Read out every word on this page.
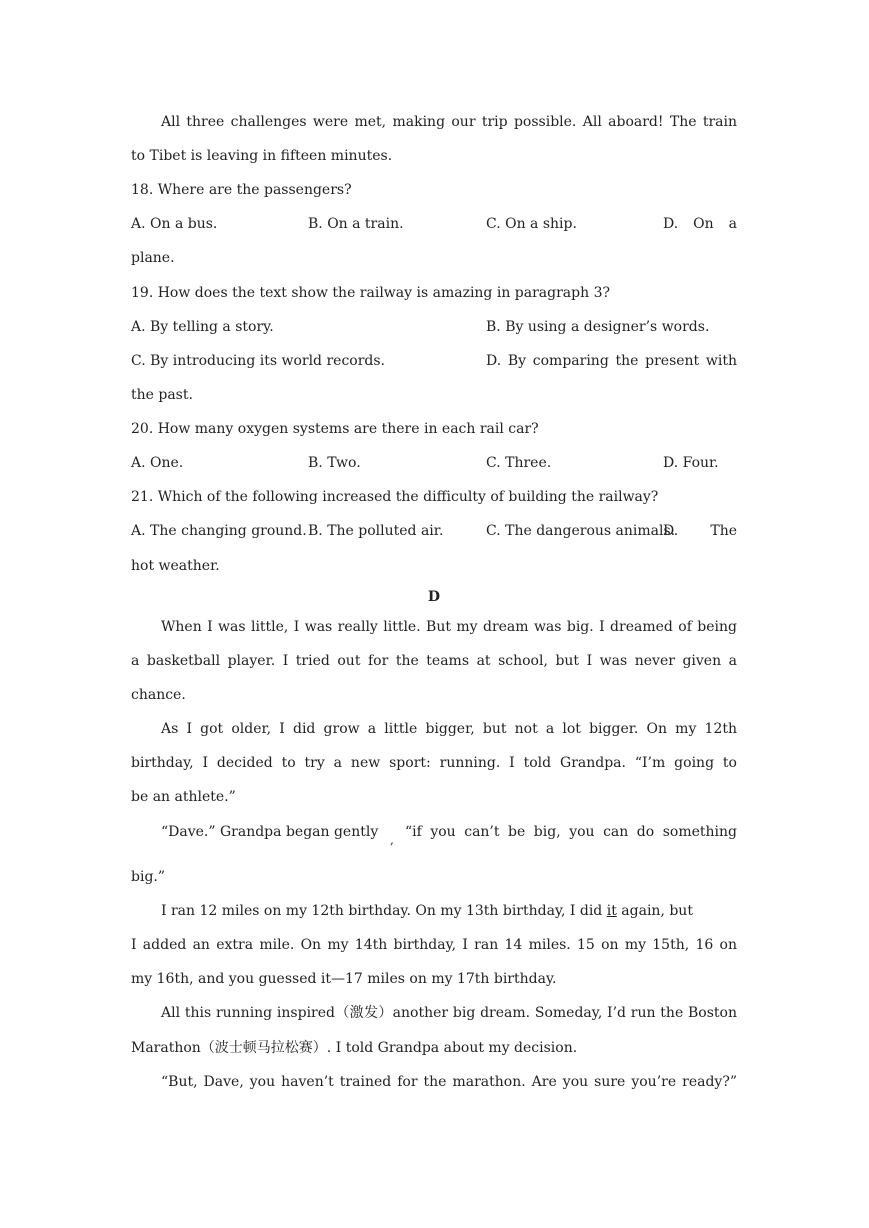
All three challenges were met, making our trip possible. All aboard! The train
to Tibet is leaving in fifteen minutes.
18. Where are the passengers?
A. On a bus.	B. On a train.	C. On a ship.	D. On a
plane.
19. How does the text show the railway is amazing in paragraph 3?
A. By telling a story.	B. By using a designer’s words.
C. By introducing its world records.	D. By comparing the present with
the past.
20. How many oxygen systems are there in each rail car?
A. One.	B. Two.	C. Three.	D. Four.
21. Which of the following increased the difficulty of building the railway?
A. The changing ground. B. The polluted air.	C. The dangerous animals.
D. The
hot weather.
D
When I was little, I was really little. But my dream was big. I dreamed of being
a basketball player. I tried out for the teams at school, but I was never given a
chance.
As I got older, I did grow a little bigger, but not a lot bigger. On my 12th
birthday, I decided to try a new sport: running. I told Grandpa. “I’m going to
be an athlete.”
“Dave.” Grandpa began gently , “if you can’t be big, you can do something
big.”
I ran 12 miles on my 12th birthday. On my 13th birthday, I did it again, but
I added an extra mile. On my 14th birthday, I ran 14 miles. 15 on my 15th, 16 on
my 16th, and you guessed it—17 miles on my 17th birthday.
All this running inspired（激发）another big dream. Someday, I’d run the Boston
Marathon（波士顿马拉松赛）. I told Grandpa about my decision.
“But, Dave, you haven’t trained for the marathon. Are you sure you’re ready?”
